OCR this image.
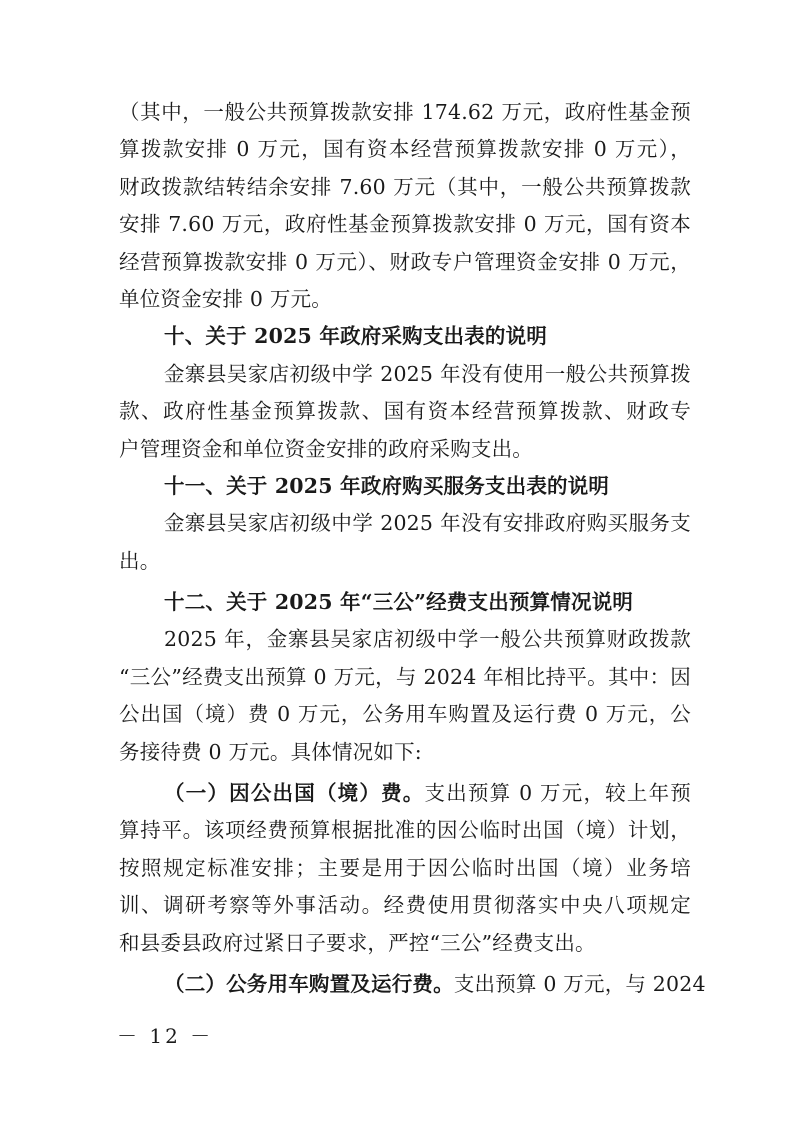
（其中，一般公共预算拨款安排 174.62 万元，政府性基金预
算拨款安排 0 万元，国有资本经营预算拨款安排 0 万元），
财政拨款结转结余安排 7.60 万元（其中，一般公共预算拨款
安排 7.60 万元，政府性基金预算拨款安排 0 万元，国有资本
经营预算拨款安排 0 万元）、财政专户管理资金安排 0 万元，
单位资金安排 0 万元。
十、关于 2025 年政府采购支出表的说明
金寨县吴家店初级中学 2025 年没有使用一般公共预算拨
款、政府性基金预算拨款、国有资本经营预算拨款、财政专
户管理资金和单位资金安排的政府采购支出。
十一、关于 2025 年政府购买服务支出表的说明
金寨县吴家店初级中学 2025 年没有安排政府购买服务支
出。
十二、关于 2025 年“三公”经费支出预算情况说明
2025 年，金寨县吴家店初级中学一般公共预算财政拨款
“三公”经费支出预算 0 万元，与 2024 年相比持平。其中：因
公出国（境）费 0 万元，公务用车购置及运行费 0 万元，公
务接待费 0 万元。具体情况如下:
（一）因公出国（境）费。支出预算 0 万元，较上年预
算持平。该项经费预算根据批准的因公临时出国（境）计划，
按照规定标准安排；主要是用于因公临时出国（境）业务培
训、调研考察等外事活动。经费使用贯彻落实中央八项规定
和县委县政府过紧日子要求，严控“三公”经费支出。
（二）公务用车购置及运行费。支出预算 0 万元，与 2024
－ 12 －
